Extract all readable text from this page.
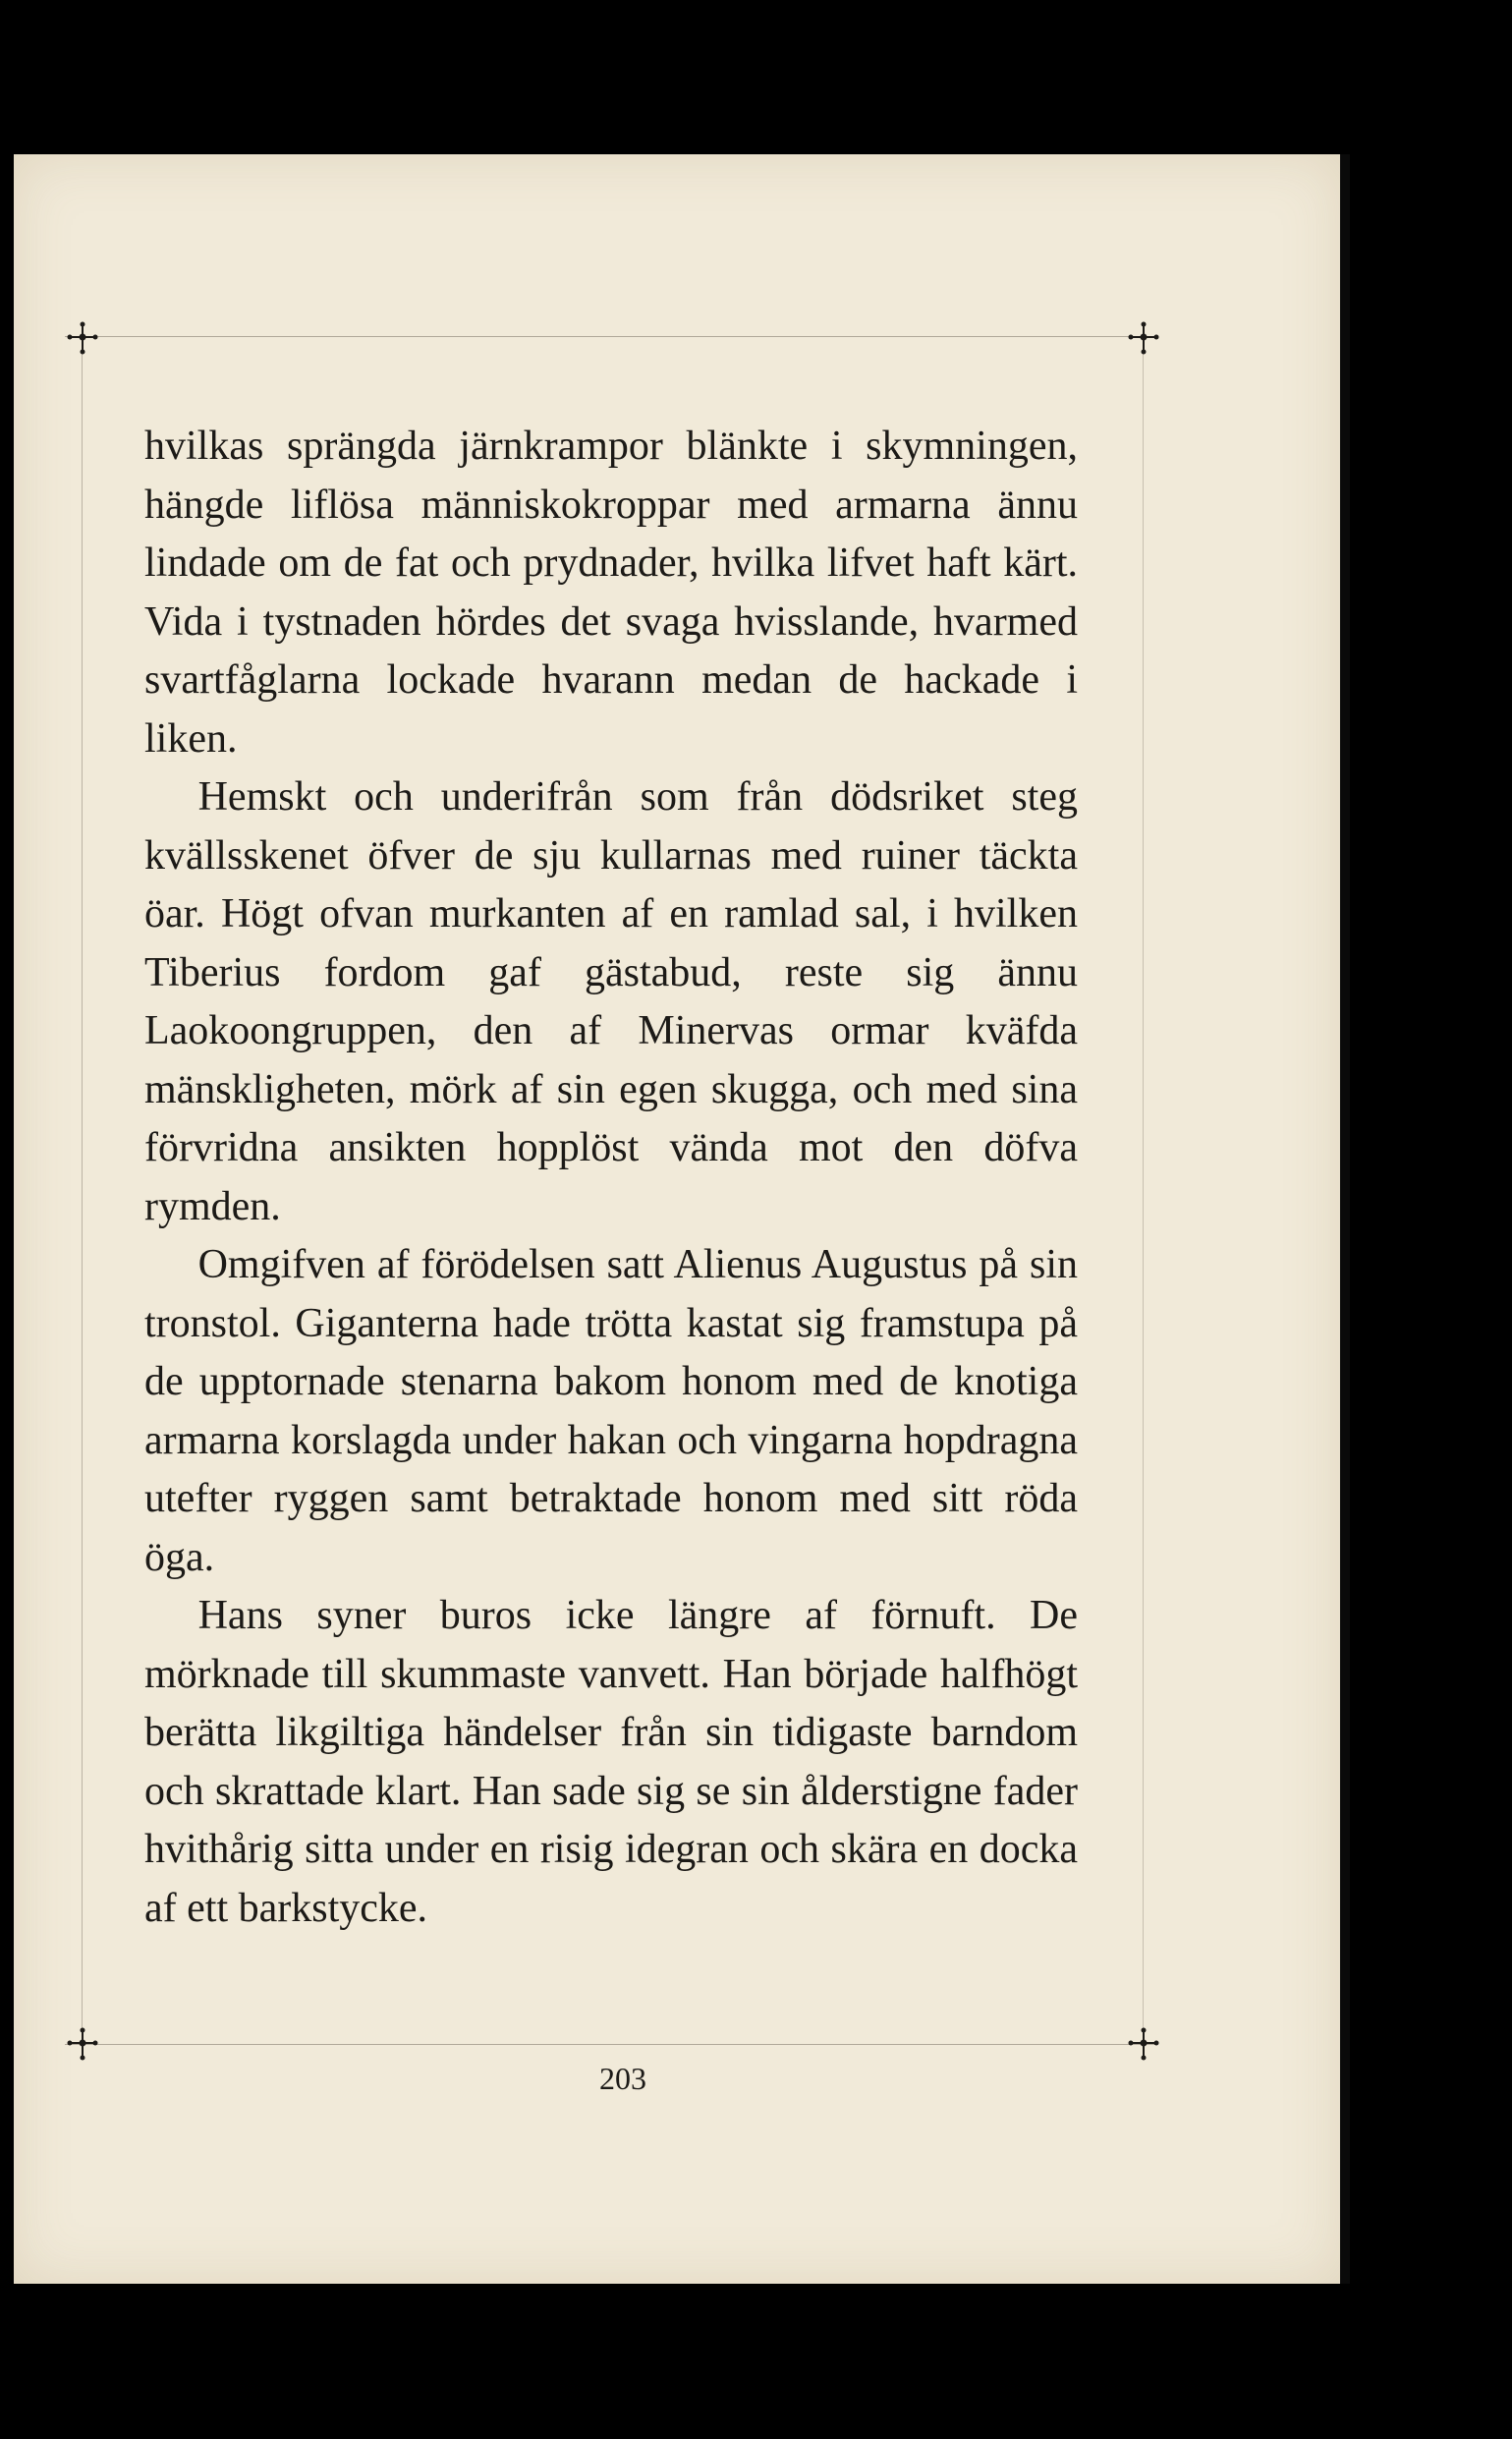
hvilkas sprängda järnkrampor blänkte i skymningen, hängde liflösa människokroppar med armarna ännu lindade om de fat och prydnader, hvilka lifvet haft kärt. Vida i tystnaden hördes det svaga hvisslande, hvarmed svartfåglarna lockade hvarann medan de hackade i liken.

Hemskt och underifrån som från dödsriket steg kvällsskenet öfver de sju kullarnas med ruiner täckta öar. Högt ofvan murkanten af en ramlad sal, i hvilken Tiberius fordom gaf gästabud, reste sig ännu Laokoongruppen, den af Minervas ormar kväfda mänskligheten, mörk af sin egen skugga, och med sina förvridna ansikten hopplöst vända mot den döfva rymden.

Omgifven af förödelsen satt Alienus Augustus på sin tronstol. Giganterna hade trötta kastat sig framstupa på de upptornade stenarna bakom honom med de knotiga armarna korslagda under hakan och vingarna hopdragna utefter ryggen samt betraktade honom med sitt röda öga.

Hans syner buros icke längre af förnuft. De mörknade till skummaste vanvett. Han började halfhögt berätta likgiltiga händelser från sin tidigaste barndom och skrattade klart. Han sade sig se sin ålderstigne fader hvithårig sitta under en risig idegran och skära en docka af ett barkstycke.

203
